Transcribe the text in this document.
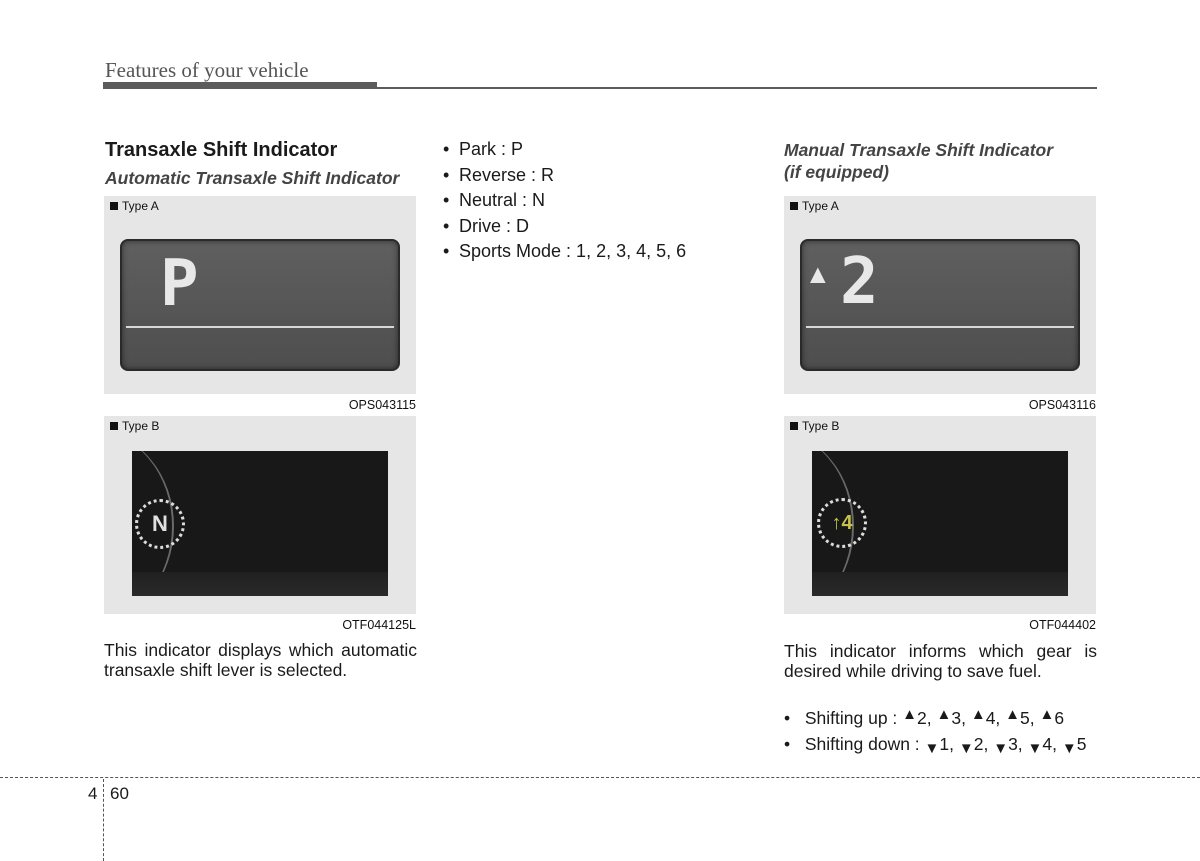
Features of your vehicle
Transaxle Shift Indicator
Automatic Transaxle Shift Indicator
Manual Transaxle Shift Indicator
(if equipped)
Type A
P
OPS043115
Type B
N
OTF044125L
This indicator displays which automatic transaxle shift lever is selected.
• Park : P
• Reverse : R
• Neutral : N
• Drive : D
• Sports Mode : 1, 2, 3, 4, 5, 6
Type A
▲ 2
OPS043116
Type B
↑4
OTF044402
This indicator informs which gear is desired while driving to save fuel.
• Shifting up : ▲2, ▲3, ▲4, ▲5, ▲6
• Shifting down : ▼1, ▼2, ▼3, ▼4, ▼5
4 60
